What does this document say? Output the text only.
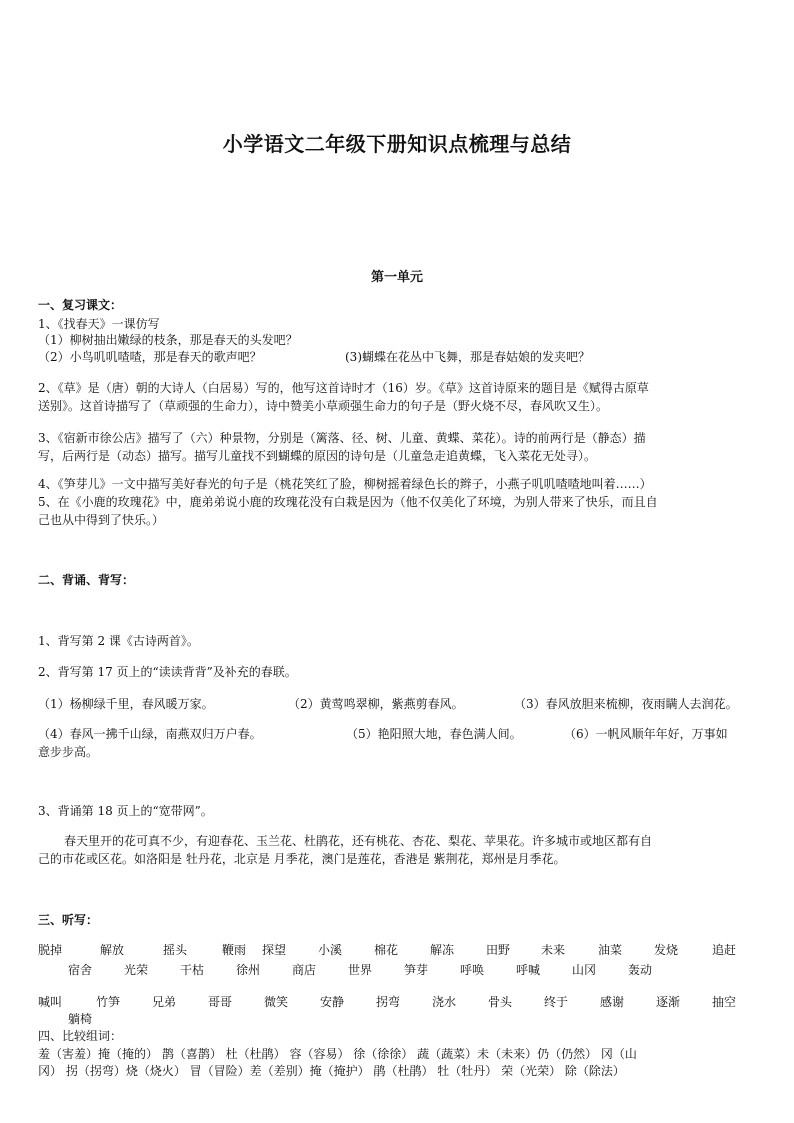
小学语文二年级下册知识点梳理与总结
第一单元
一、复习课文：
1、《找春天》一课仿写
（1）柳树抽出嫩绿的枝条，那是春天的头发吧？
（2）小鸟叽叽喳喳，那是春天的歌声吧？	(3)蝴蝶在花丛中飞舞，那是春姑娘的发夹吧？
2、《草》是（唐）朝的大诗人（白居易）写的，他写这首诗时才（16）岁。《草》这首诗原来的题目是《赋得古原草
送别》。这首诗描写了（草顽强的生命力），诗中赞美小草顽强生命力的句子是（野火烧不尽，春风吹又生）。
3、《宿新市徐公店》描写了（六）种景物，分别是（篱落、径、树、儿童、黄蝶、菜花）。诗的前两行是（静态）描
写，后两行是（动态）描写。描写儿童找不到蝴蝶的原因的诗句是（儿童急走追黄蝶，飞入菜花无处寻）。
4、《笋芽儿》一文中描写美好春光的句子是（桃花笑红了脸，柳树摇着绿色长的辫子，小燕子叽叽喳喳地叫着……）
5、在《小鹿的玫瑰花》中，鹿弟弟说小鹿的玫瑰花没有白栽是因为（他不仅美化了环境，为别人带来了快乐，而且自
己也从中得到了快乐。）
二、背诵、背写：
1、背写第 2 课《古诗两首》。
2、背写第 17 页上的“读读背背”及补充的春联。
（1）杨柳绿千里，春风暖万家。	（2）黄莺鸣翠柳，紫燕剪春风。	（3）春风放胆来梳柳，夜雨瞒人去润花。
（4）春风一拂千山绿，南燕双归万户春。	（5）艳阳照大地，春色满人间。	（6）一帆风顺年年好，万事如
意步步高。
3、背诵第 18 页上的“宽带网”。
春天里开的花可真不少，有迎春花、玉兰花、杜鹃花，还有桃花、杏花、梨花、苹果花。许多城市或地区都有自
己的市花或区花。如洛阳是 牡丹花，北京是 月季花，澳门是莲花，香港是 紫荆花，郑州是月季花。
三、听写：
脱掉	解放	摇头	鞭雨 探望	小溪	棉花	解冻	田野	未来	油菜	发烧	追赶
宿舍	光荣	干枯	徐州	商店	世界	笋芽	呼唤	呼喊	山冈	轰动
喊叫	竹笋	兄弟	哥哥	微笑	安静	拐弯	浇水	骨头	终于	感谢	逐渐	抽空
躺椅
四、比较组词：
羞（害羞）掩（掩的） 鹊（喜鹊） 杜（杜鹃） 容（容易） 徐（徐徐） 蔬（蔬菜）未（未来）仍（仍然） 冈（山
冈） 拐（拐弯）烧（烧火） 冒（冒险）差（差别）掩（掩护） 鹃（杜鹃） 牡（牡丹） 荣（光荣） 除（除法）
